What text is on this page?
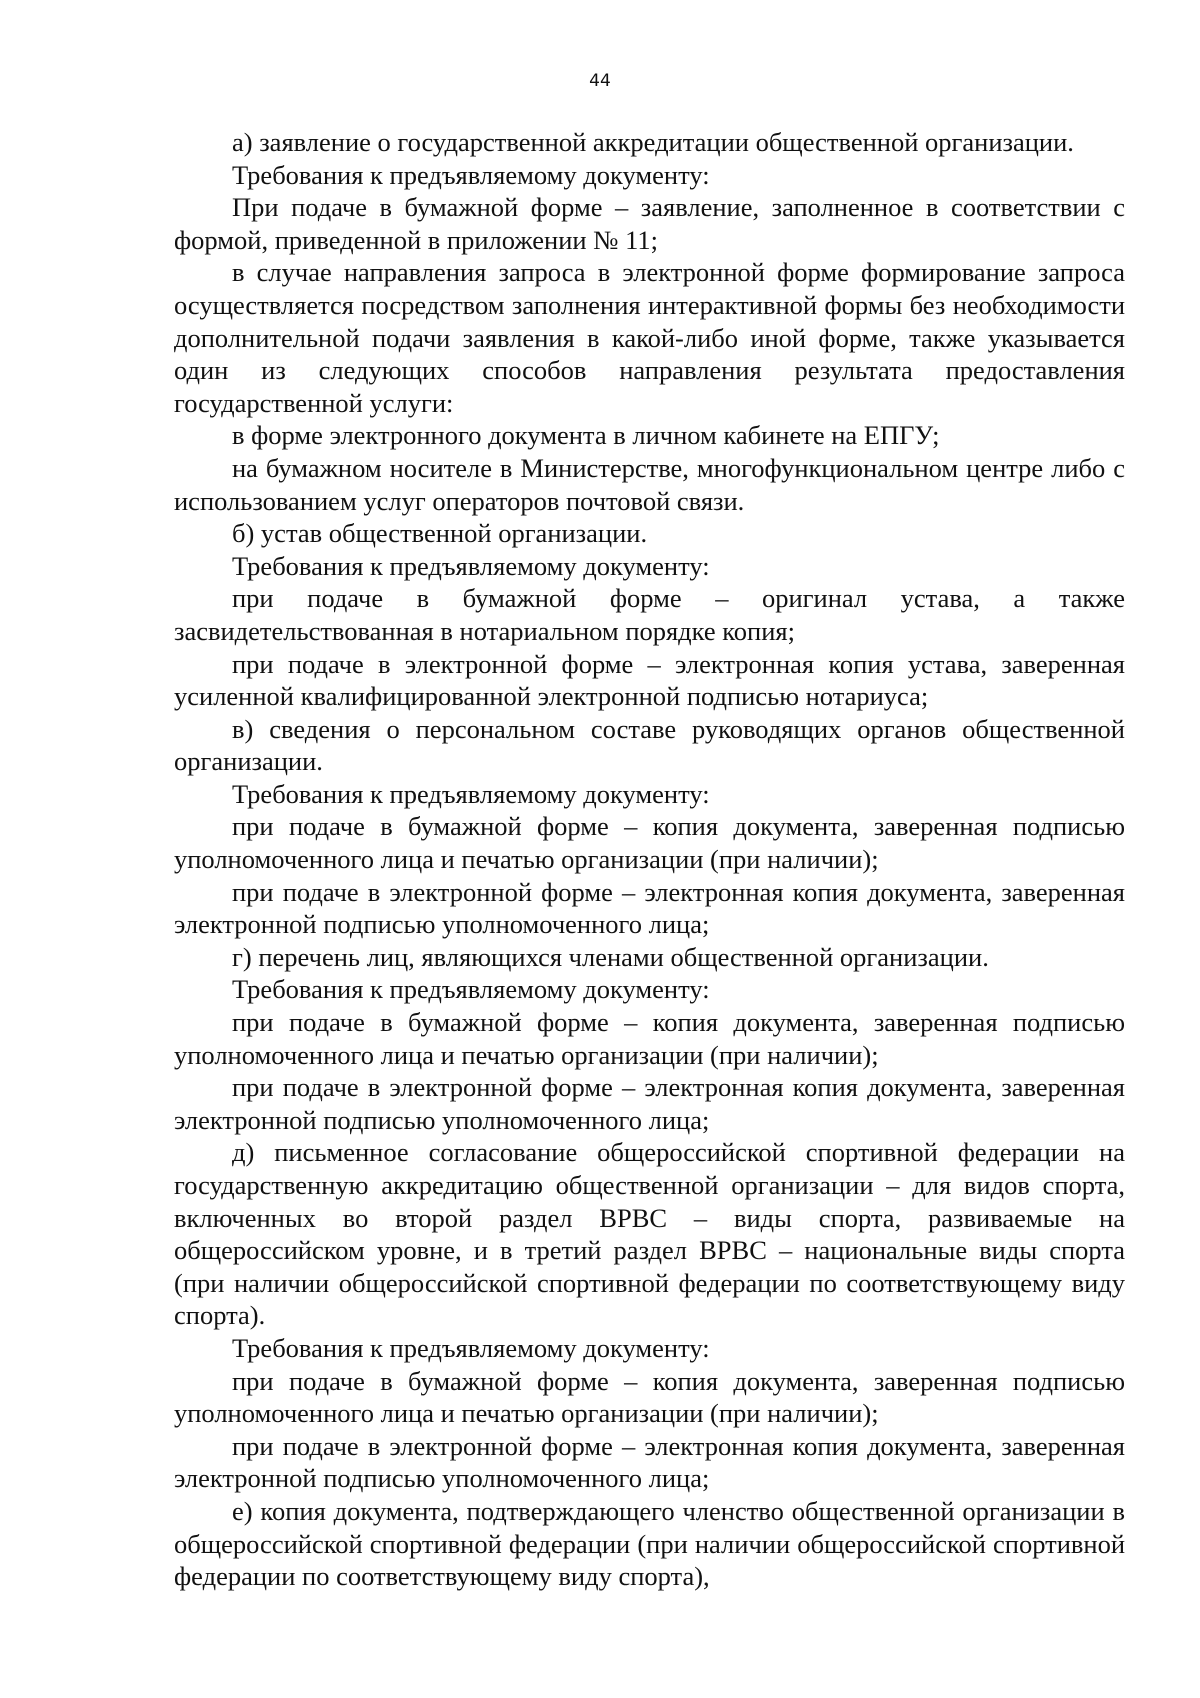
44

а) заявление о государственной аккредитации общественной организации.

Требования к предъявляемому документу:

При подаче в бумажной форме – заявление, заполненное в соответствии с формой, приведенной в приложении № 11;

в случае направления запроса в электронной форме формирование запроса осуществляется посредством заполнения интерактивной формы без необходимости дополнительной подачи заявления в какой-либо иной форме, также указывается один из следующих способов направления результата предоставления государственной услуги:

в форме электронного документа в личном кабинете на ЕПГУ;

на бумажном носителе в Министерстве, многофункциональном центре либо с использованием услуг операторов почтовой связи.

б) устав общественной организации.

Требования к предъявляемому документу:

при подаче в бумажной форме – оригинал устава, а также засвидетельствованная в нотариальном порядке копия;

при подаче в электронной форме – электронная копия устава, заверенная усиленной квалифицированной электронной подписью нотариуса;

в) сведения о персональном составе руководящих органов общественной организации.

Требования к предъявляемому документу:

при подаче в бумажной форме – копия документа, заверенная подписью уполномоченного лица и печатью организации (при наличии);

при подаче в электронной форме – электронная копия документа, заверенная электронной подписью уполномоченного лица;

г) перечень лиц, являющихся членами общественной организации.

Требования к предъявляемому документу:

при подаче в бумажной форме – копия документа, заверенная подписью уполномоченного лица и печатью организации (при наличии);

при подаче в электронной форме – электронная копия документа, заверенная электронной подписью уполномоченного лица;

д) письменное согласование общероссийской спортивной федерации на государственную аккредитацию общественной организации – для видов спорта, включенных во второй раздел ВРВС – виды спорта, развиваемые на общероссийском уровне, и в третий раздел ВРВС – национальные виды спорта (при наличии общероссийской спортивной федерации по соответствующему виду спорта).

Требования к предъявляемому документу:

при подаче в бумажной форме – копия документа, заверенная подписью уполномоченного лица и печатью организации (при наличии);

при подаче в электронной форме – электронная копия документа, заверенная электронной подписью уполномоченного лица;

е) копия документа, подтверждающего членство общественной организации в общероссийской спортивной федерации (при наличии общероссийской спортивной федерации по соответствующему виду спорта),
